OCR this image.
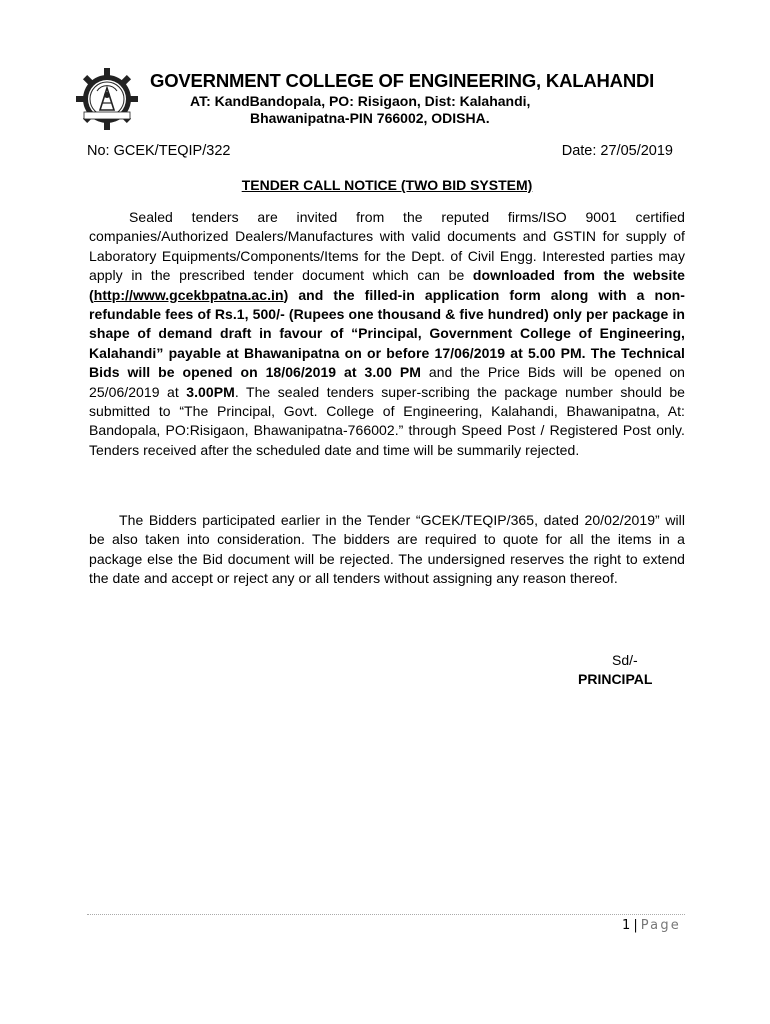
GOVERNMENT COLLEGE OF ENGINEERING, KALAHANDI
AT: KandBandopala, PO: Risigaon, Dist: Kalahandi,
Bhawanipatna-PIN 766002, ODISHA.
No: GCEK/TEQIP/322	Date: 27/05/2019
TENDER CALL NOTICE (TWO BID SYSTEM)
Sealed tenders are invited from the reputed firms/ISO 9001 certified companies/Authorized Dealers/Manufactures with valid documents and GSTIN for supply of Laboratory Equipments/Components/Items for the Dept. of Civil Engg. Interested parties may apply in the prescribed tender document which can be downloaded from the website (http://www.gcekbpatna.ac.in) and the filled-in application form along with a non-refundable fees of Rs.1, 500/- (Rupees one thousand & five hundred) only per package in shape of demand draft in favour of “Principal, Government College of Engineering, Kalahandi” payable at Bhawanipatna on or before 17/06/2019 at 5.00 PM. The Technical Bids will be opened on 18/06/2019 at 3.00 PM and the Price Bids will be opened on 25/06/2019 at 3.00PM. The sealed tenders super-scribing the package number should be submitted to “The Principal, Govt. College of Engineering, Kalahandi, Bhawanipatna, At: Bandopala, PO:Risigaon, Bhawanipatna-766002.” through Speed Post / Registered Post only. Tenders received after the scheduled date and time will be summarily rejected.
The Bidders participated earlier in the Tender “GCEK/TEQIP/365, dated 20/02/2019” will be also taken into consideration. The bidders are required to quote for all the items in a package else the Bid document will be rejected. The undersigned reserves the right to extend the date and accept or reject any or all tenders without assigning any reason thereof.
Sd/-
PRINCIPAL
1 | Page
